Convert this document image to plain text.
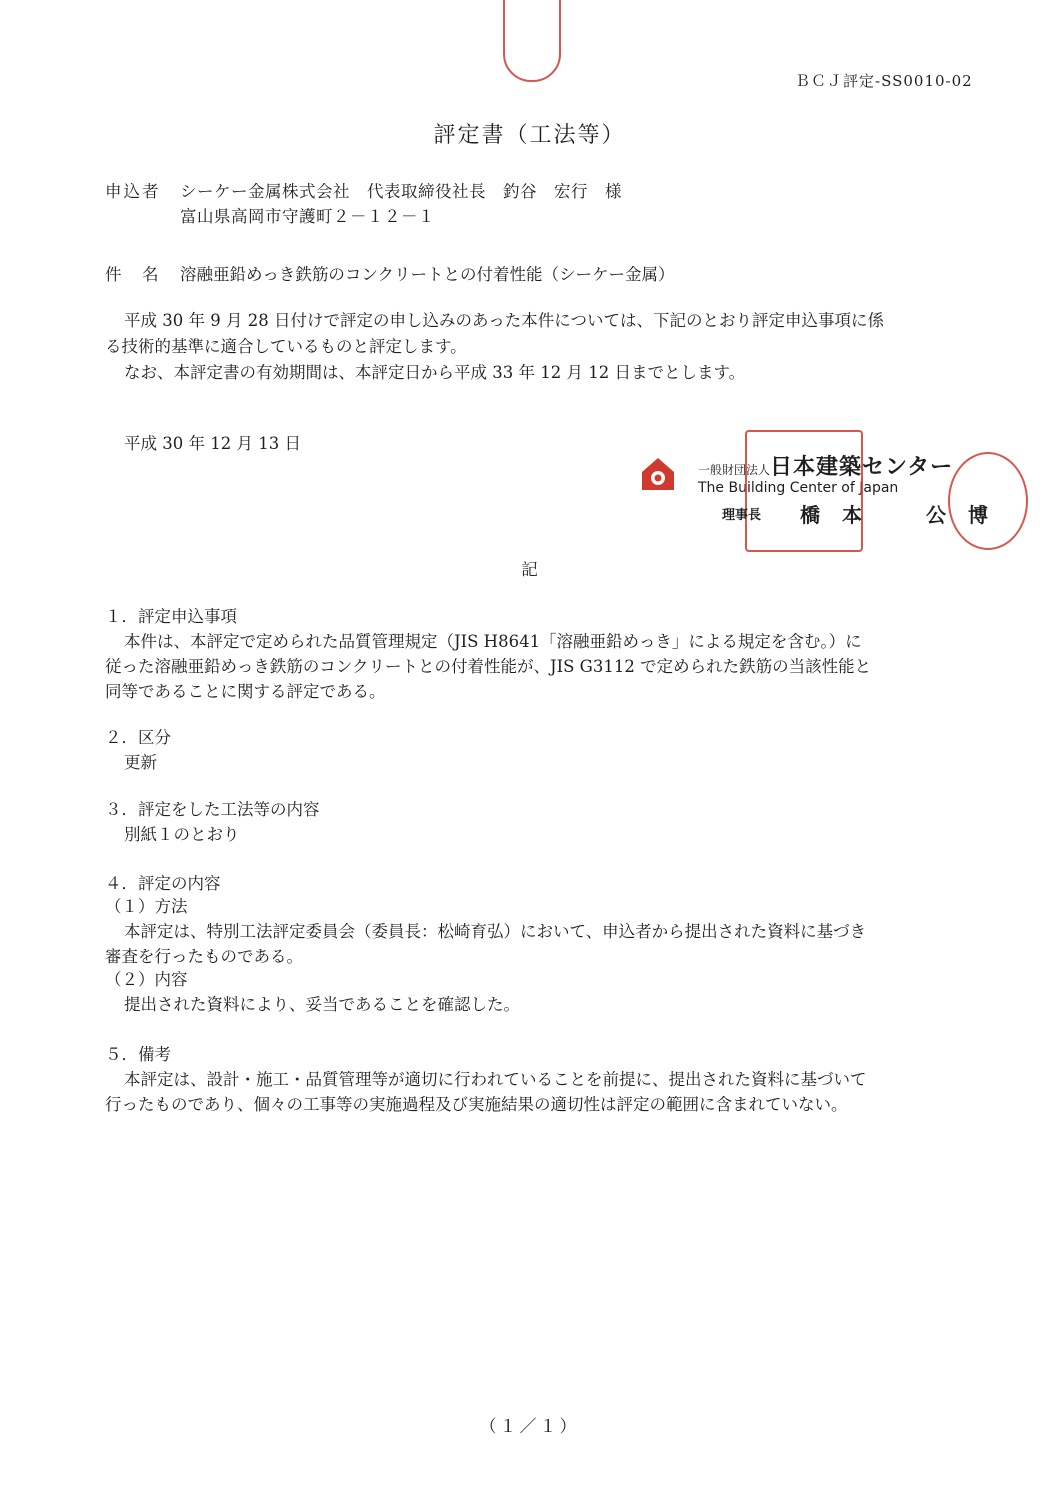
ＢＣＪ評定-SS0010-02
評定書（工法等）
申込者 シーケー金属株式会社　代表取締役社長　釣谷　宏行　様
富山県高岡市守護町２－１２－１
件　名 溶融亜鉛めっき鉄筋のコンクリートとの付着性能（シーケー金属）
平成 30 年 9 月 28 日付けで評定の申し込みのあった本件については、下記のとおり評定申込事項に係
る技術的基準に適合しているものと評定します。
なお、本評定書の有効期間は、本評定日から平成 33 年 12 月 12 日までとします。
平成 30 年 12 月 13 日
一般財団法人日本建築センター
The Building Center of Japan
理事長 橋本　公博
記
１．評定申込事項
本件は、本評定で定められた品質管理規定（JIS H8641「溶融亜鉛めっき」による規定を含む。）に
従った溶融亜鉛めっき鉄筋のコンクリートとの付着性能が、JIS G3112 で定められた鉄筋の当該性能と
同等であることに関する評定である。
２．区分
更新
３．評定をした工法等の内容
別紙１のとおり
４．評定の内容
（１）方法
本評定は、特別工法評定委員会（委員長：松崎育弘）において、申込者から提出された資料に基づき
審査を行ったものである。
（２）内容
提出された資料により、妥当であることを確認した。
５．備考
本評定は、設計・施工・品質管理等が適切に行われていることを前提に、提出された資料に基づいて
行ったものであり、個々の工事等の実施過程及び実施結果の適切性は評定の範囲に含まれていない。
（１／１）
